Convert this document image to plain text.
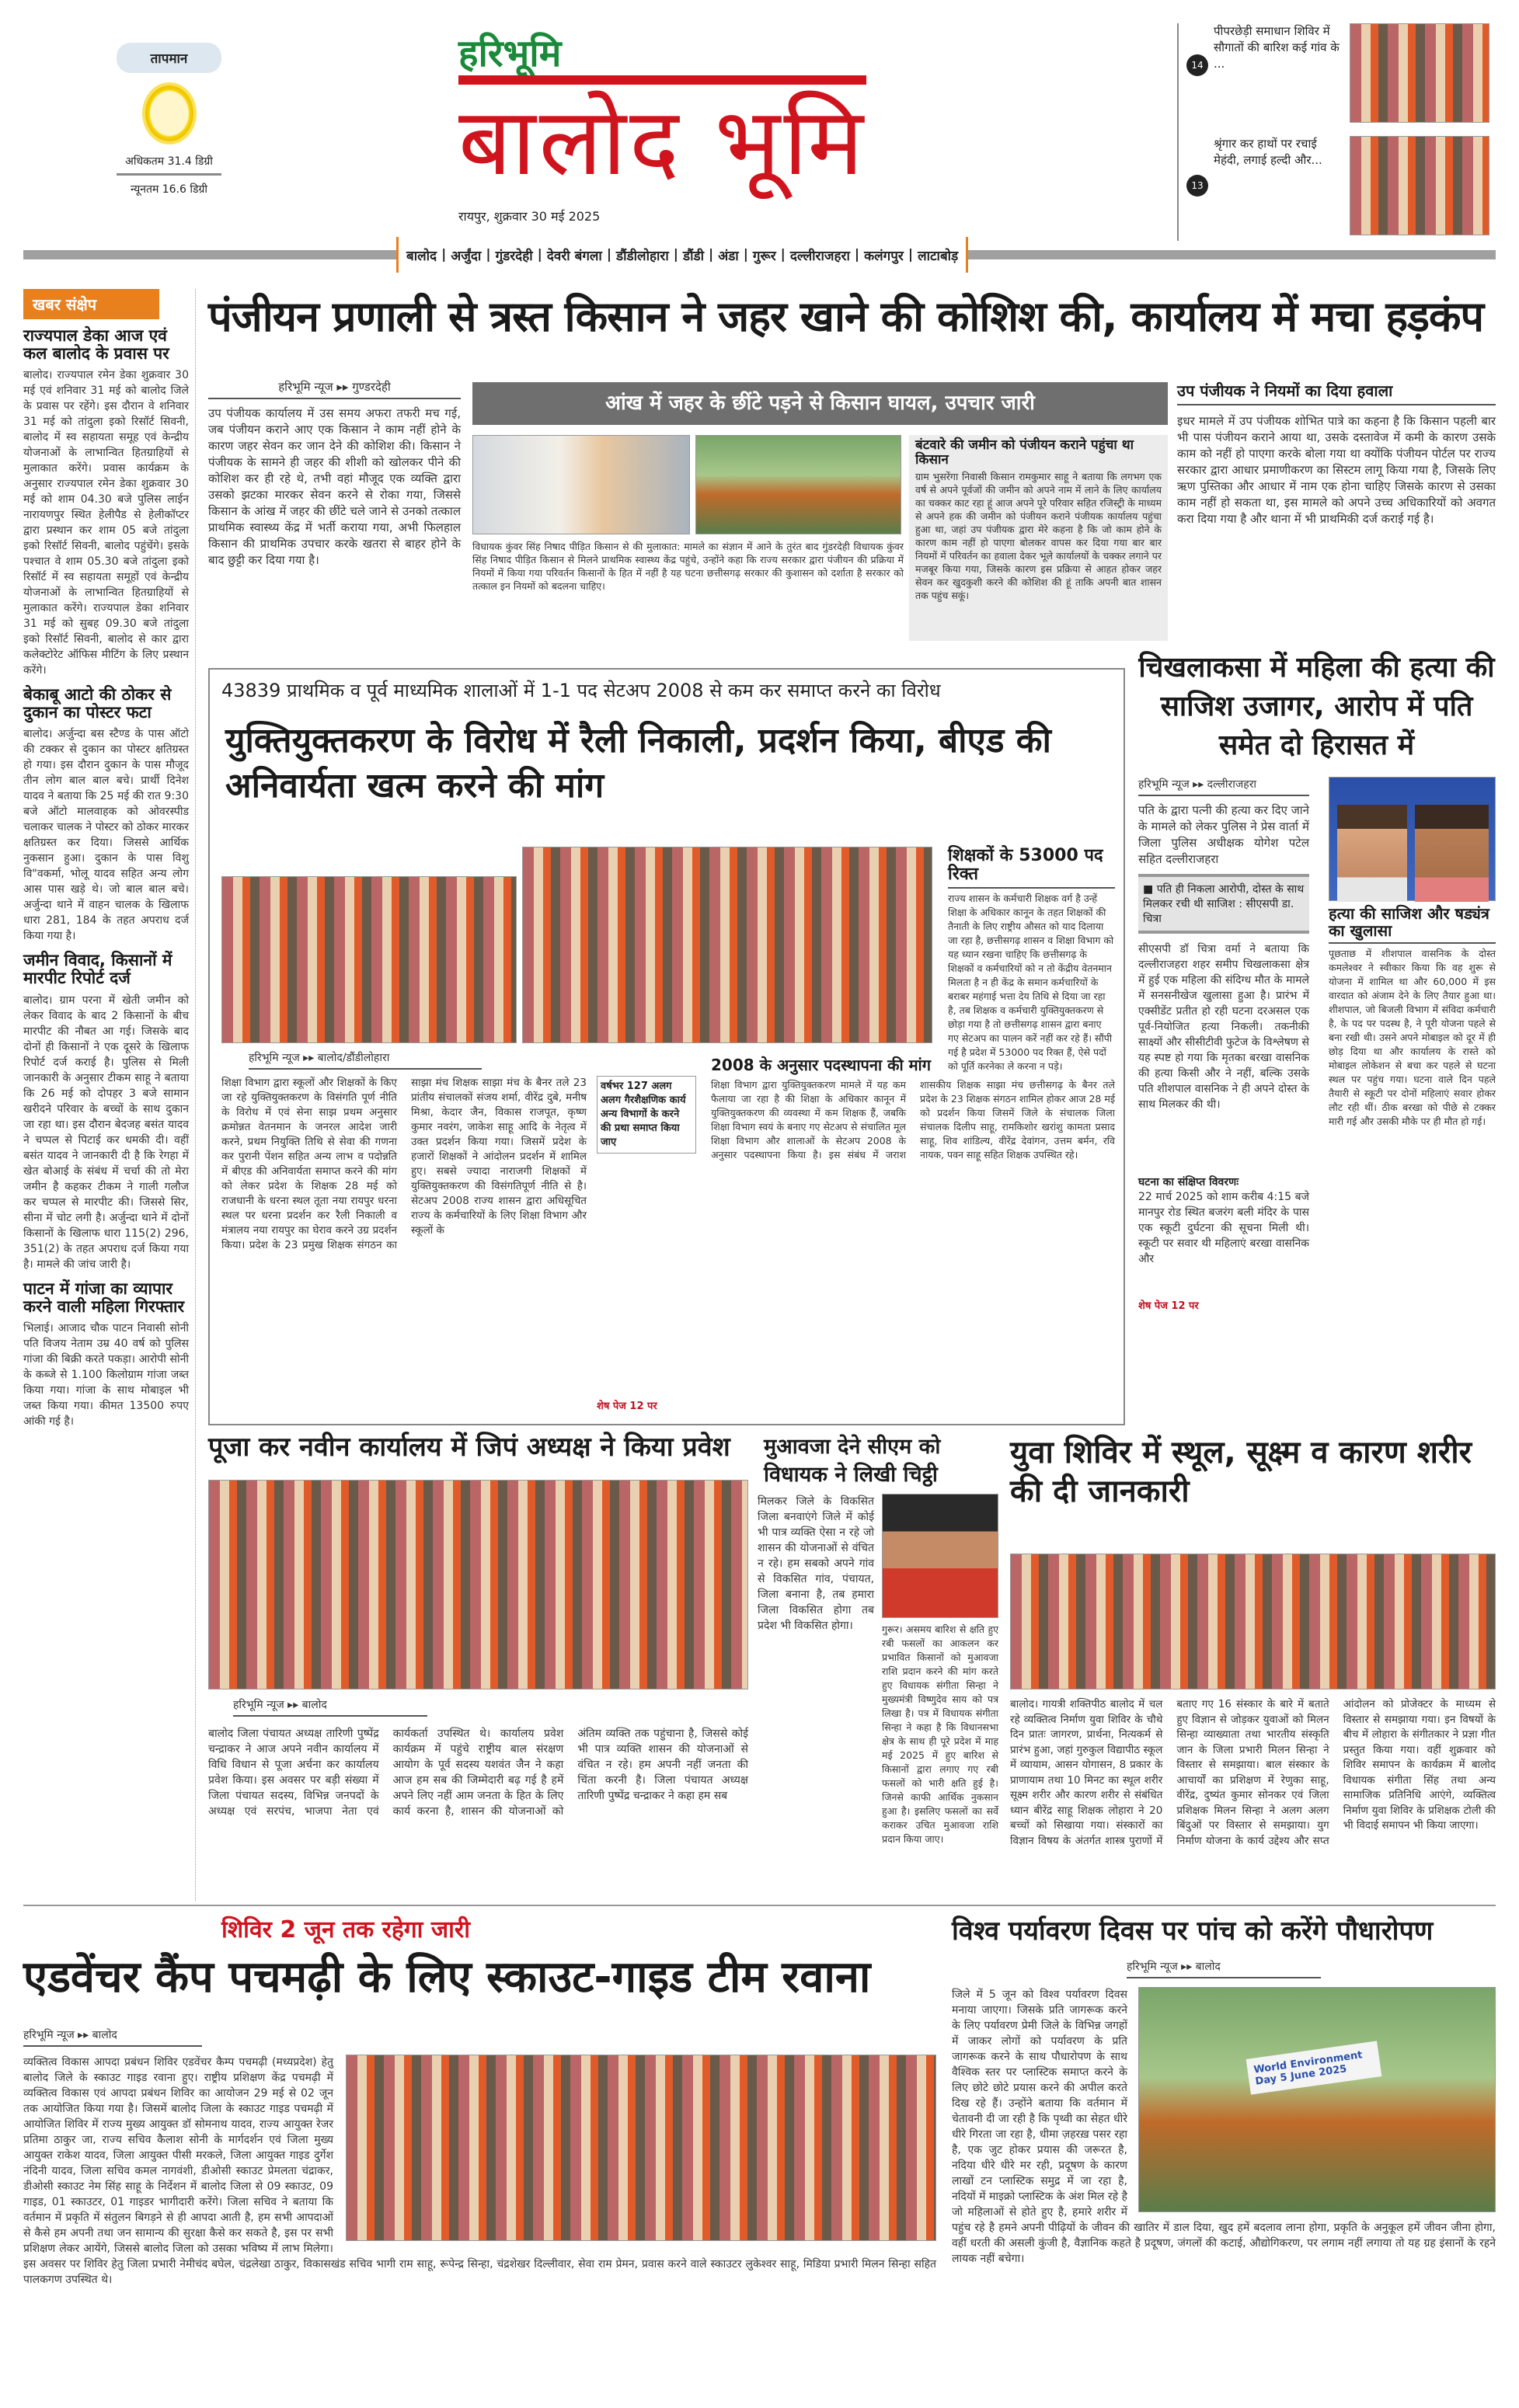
तापमान
अधिकतम 31.4 डिग्री
न्यूनतम 16.6 डिग्री
हरिभूमि
बालोद भूमि
रायपुर, शुक्रवार 30 मई 2025
14
पीपरछेड़ी समाधान शिविर में सौगातों की बारिश कई गांव के ...
13
श्रृंगार कर हाथों पर रचाई मेहंदी, लगाई हल्दी और...
बालोद | अर्जुंदा | गुंडरदेही | देवरी बंगला | डौंडीलोहारा | डौंडी | अंडा | गुरूर | दल्लीराजहरा | कलंगपुर | लाटाबोड़
खबर संक्षेप
राज्यपाल डेका आज एवं कल बालोद के प्रवास पर
बालोद। राज्यपाल रमेन डेका शुक्रवार 30 मई एवं शनिवार 31 मई को बालोद जिले के प्रवास पर रहेंगे। इस दौरान वे शनिवार 31 मई को तांदुला इको रिसॉर्ट सिवनी, बालोद में स्व सहायता समूह एवं केन्द्रीय योजनाओं के लाभान्वित हितग्राहियों से मुलाकात करेंगे। प्रवास कार्यक्रम के अनुसार राज्यपाल रमेन डेका शुक्रवार 30 मई को शाम 04.30 बजे पुलिस लाईन नारायणपुर स्थित हेलीपैड से हेलीकॉप्टर द्वारा प्रस्थान कर शाम 05 बजे तांदुला इको रिसॉर्ट सिवनी, बालोद पहुंचेंगे। इसके पश्चात वे शाम 05.30 बजे तांदुला इको रिसॉर्ट में स्व सहायता समूहों एवं केन्द्रीय योजनाओं के लाभान्वित हितग्राहियों से मुलाकात करेंगे। राज्यपाल डेका शनिवार 31 मई को सुबह 09.30 बजे तांदुला इको रिसॉर्ट सिवनी, बालोद से कार द्वारा कलेक्टोरेट ऑफिस मीटिंग के लिए प्रस्थान करेंगे।
बेकाबू आटो की ठोकर से दुकान का पोस्टर फटा
बालोद। अर्जुन्दा बस स्टैण्ड के पास ऑटो की टक्कर से दुकान का पोस्टर क्षतिग्रस्त हो गया। इस दौरान दुकान के पास मौजूद तीन लोग बाल बाल बचे। प्रार्थी दिनेश यादव ने बताया कि 25 मई की रात 9:30 बजे ऑटो मालवाहक को ओवरस्पीड चलाकर चालक ने पोस्टर को ठोकर मारकर क्षतिग्रस्त कर दिया। जिससे आर्थिक नुकसान हुआ। दुकान के पास विशु वि"वकर्मा, भोलू यादव सहित अन्य लोग आस पास खड़े थे। जो बाल बाल बचे। अर्जुन्दा थाने में वाहन चालक के खिलाफ धारा 281, 184 के तहत अपराध दर्ज किया गया है।
जमीन विवाद, किसानों में मारपीट रिपोर्ट दर्ज
बालोद। ग्राम परना में खेती जमीन को लेकर विवाद के बाद 2 किसानों के बीच मारपीट की नौबत आ गई। जिसके बाद दोनों ही किसानों ने एक दूसरे के खिलाफ रिपोर्ट दर्ज कराई है। पुलिस से मिली जानकारी के अनुसार टीकम साहू ने बताया कि 26 मई को दोपहर 3 बजे सामान खरीदने परिवार के बच्चों के साथ दुकान जा रहा था। इस दौरान बेदजह बसंत यादव ने चप्पल से पिटाई कर धमकी दी। वहीं बसंत यादव ने जानकारी दी है कि रेगहा में खेत बोआई के संबंध में चर्चा की तो मेरा जमीन है कहकर टीकम ने गाली गलौज कर चप्पल से मारपीट की। जिससे सिर, सीना में चोट लगी है। अर्जुन्दा थाने में दोनों किसानों के खिलाफ धारा 115(2) 296, 351(2) के तहत अपराध दर्ज किया गया है। मामले की जांच जारी है।
पाटन में गांजा का व्यापार करने वाली महिला गिरफ्तार
भिलाई। आजाद चौक पाटन निवासी सोनी पति विजय नेताम उम्र 40 वर्ष को पुलिस गांजा की बिक्री करते पकड़ा। आरोपी सोनी के कब्जे से 1.100 किलोग्राम गांजा जब्त किया गया। गांजा के साथ मोबाइल भी जब्त किया गया। कीमत 13500 रुपए आंकी गई है।
पंजीयन प्रणाली से त्रस्त किसान ने जहर खाने की कोशिश की, कार्यालय में मचा हड़कंप
हरिभूमि न्यूज ▸▸ गुण्डरदेही
उप पंजीयक कार्यालय में उस समय अफरा तफरी मच गई, जब पंजीयन कराने आए एक किसान ने काम नहीं होने के कारण जहर सेवन कर जान देने की कोशिश की। किसान ने पंजीयक के सामने ही जहर की शीशी को खोलकर पीने की कोशिश कर ही रहे थे, तभी वहां मौजूद एक व्यक्ति द्वारा उसको झटका मारकर सेवन करने से रोका गया, जिससे किसान के आंख में जहर की छींटे चले जाने से उनको तत्काल प्राथमिक स्वास्थ्य केंद्र में भर्ती कराया गया, अभी फिलहाल किसान की प्राथमिक उपचार करके खतरा से बाहर होने के बाद छुट्टी कर दिया गया है।
आंख में जहर के छींटे पड़ने से किसान घायल, उपचार जारी
बंटवारे की जमीन को पंजीयन कराने पहुंचा था किसान
ग्राम भुसरेंगा निवासी किसान रामकुमार साहू ने बताया कि लगभग एक वर्ष से अपने पूर्वजों की जमीन को अपने नाम में लाने के लिए कार्यालय का चक्कर काट रहा हूं आज अपने पूरे परिवार सहित रजिस्ट्री के माध्यम से अपने हक की जमीन को पंजीयन कराने पंजीयक कार्यालय पहुंचा हुआ था, जहां उप पंजीयक द्वारा मेरे कहना है कि जो काम होने के कारण काम नहीं हो पाएगा बोलकर वापस कर दिया गया बार बार नियमों में परिवर्तन का हवाला देकर भूले कार्यालयों के चक्कर लगाने पर मजबूर किया गया, जिसके कारण इस प्रक्रिया से आहत होकर जहर सेवन कर खुदकुशी करने की कोशिश की हूं ताकि अपनी बात शासन तक पहुंच सकूं।
विधायक कुंवर सिंह निषाद पीड़ित किसान से की मुलाकात: मामले का संज्ञान में आने के तुरंत बाद गुंडरदेही विधायक कुंवर सिंह निषाद पीड़ित किसान से मिलने प्राथमिक स्वास्थ्य केंद्र पहुंचे, उन्होंने कहा कि राज्य सरकार द्वारा पंजीयन की प्रक्रिया में नियमों में किया गया परिवर्तन किसानों के हित में नहीं है यह घटना छत्तीसगढ़ सरकार की कुशासन को दर्शाता है सरकार को तत्काल इन नियमों को बदलना चाहिए।
उप पंजीयक ने नियमों का दिया हवाला
इधर मामले में उप पंजीयक शोभित पात्रे का कहना है कि किसान पहली बार भी पास पंजीयन कराने आया था, उसके दस्तावेज में कमी के कारण उसके काम को नहीं हो पाएगा करके बोला गया था क्योंकि पंजीयन पोर्टल पर राज्य सरकार द्वारा आधार प्रमाणीकरण का सिस्टम लागू किया गया है, जिसके लिए ऋण पुस्तिका और आधार में नाम एक होना चाहिए जिसके कारण से उसका काम नहीं हो सकता था, इस मामले को अपने उच्च अधिकारियों को अवगत करा दिया गया है और थाना में भी प्राथमिकी दर्ज कराई गई है।
43839 प्राथमिक व पूर्व माध्यमिक शालाओं में 1-1 पद सेटअप 2008 से कम कर समाप्त करने का विरोध
युक्तियुक्तकरण के विरोध में रैली निकाली, प्रदर्शन किया, बीएड की अनिवार्यता खत्म करने की मांग
शिक्षकों के 53000 पद रिक्त
राज्य शासन के कर्मचारी शिक्षक वर्ग है उन्हें शिक्षा के अधिकार कानून के तहत शिक्षकों की तैनाती के लिए राष्ट्रीय औसत को याद दिलाया जा रहा है, छत्तीसगढ़ शासन व शिक्षा विभाग को यह ध्यान रखना चाहिए कि छत्तीसगढ़ के शिक्षकों व कर्मचारियों को न तो केंद्रीय वेतनमान मिलता है न ही केंद्र के समान कर्मचारियों के बराबर महंगाई भत्ता देय तिथि से दिया जा रहा है, तब शिक्षक व कर्मचारी युक्तियुक्तकरण से छोड़ा गया है तो छत्तीसगढ़ शासन द्वारा बनाए गए सेटअप का पालन करें नहीं कर रहे हैं। सौंपी गई है प्रदेश में 53000 पद रिक्त हैं, ऐसे पदों को पूर्ति करनेका ले करना न पड़े।
हरिभूमि न्यूज ▸▸ बालोद/डौंडीलोहारा
शिक्षा विभाग द्वारा स्कूलों और शिक्षकों के किए जा रहे युक्तियुक्तकरण के विसंगति पूर्ण नीति के विरोध में एवं सेना साझ प्रथम अनुसार क्रमोन्नत वेतनमान के जनरल आदेश जारी करने, प्रथम नियुक्ति तिथि से सेवा की गणना कर पुरानी पेंशन सहित अन्य लाभ व पदोन्नति में बीएड की अनिवार्यता समाप्त करने की मांग को लेकर प्रदेश के शिक्षक 28 मई को राजधानी के धरना स्थल तूता नया रायपुर धरना स्थल पर धरना प्रदर्शन कर रैली निकाली व मंत्रालय नया रायपुर का घेराव करने उग्र प्रदर्शन किया। प्रदेश के 23 प्रमुख शिक्षक संगठन का साझा मंच शिक्षक साझा मंच के बैनर तले 23 प्रांतीय संचालकों संजय शर्मा, वीरेंद्र दुबे, मनीष मिश्रा, केदार जैन, विकास राजपूत, कृष्ण कुमार नवरंग, जाकेश साहू आदि के नेतृत्व में उक्त प्रदर्शन किया गया। जिसमें प्रदेश के हजारों शिक्षकों ने आंदोलन प्रदर्शन में शामिल हुए। सबसे ज्यादा नाराजगी शिक्षकों में युक्तियुक्तकरण की विसंगतिपूर्ण नीति से है। सेटअप 2008 राज्य शासन द्वारा अधिसूचित राज्य के कर्मचारियों के लिए शिक्षा विभाग और स्कूलों के
वर्षभर 127 अलग अलग गैरशैक्षणिक कार्य अन्य विभागों के करने की प्रथा समाप्त किया जाए
शेष पेज 12 पर
2008 के अनुसार पदस्थापना की मांग
शिक्षा विभाग द्वारा युक्तियुक्तकरण मामले में यह कम फैलाया जा रहा है की शिक्षा के अधिकार कानून में युक्तियुक्तकरण की व्यवस्था में कम शिक्षक हैं, जबकि शिक्षा विभाग स्वयं के बनाए गए सेटअप से संचालित मूल शिक्षा विभाग और शालाओं के सेटअप 2008 के अनुसार पदस्थापना किया है। इस संबंध में जराश शासकीय शिक्षक साझा मंच छत्तीसगढ़ के बैनर तले प्रदेश के 23 शिक्षक संगठन शामिल होकर आज 28 मई को प्रदर्शन किया जिसमें जिले के संचालक जिला संचालक दिलीप साहू, रामकिशोर खरांशु कामता प्रसाद साहू, शिव शांडिल्य, वीरेंद्र देवांगन, उत्तम बर्मन, रवि नायक, पवन साहू सहित शिक्षक उपस्थित रहे।
चिखलाकसा में महिला की हत्या की साजिश उजागर, आरोप में पति समेत दो हिरासत में
हरिभूमि न्यूज ▸▸ दल्लीराजहरा
पति के द्वारा पत्नी की हत्या कर दिए जाने के मामले को लेकर पुलिस ने प्रेस वार्ता में जिला पुलिस अधीक्षक योगेश पटेल सहित दल्लीराजहरा
■ पति ही निकला आरोपी, दोस्त के साथ मिलकर रची थी साजिश : सीएसपी डा. चित्रा
सीएसपी डॉ चित्रा वर्मा ने बताया कि दल्लीराजहरा शहर समीप चिखलाकसा क्षेत्र में हुई एक महिला की संदिग्ध मौत के मामले में सनसनीखेज खुलासा हुआ है। प्रारंभ में एक्सीडेंट प्रतीत हो रही घटना दरअसल एक पूर्व-नियोजित हत्या निकली। तकनीकी साक्ष्यों और सीसीटीवी फुटेज के विश्लेषण से यह स्पष्ट हो गया कि मृतका बरखा वासनिक की हत्या किसी और ने नहीं, बल्कि उसके पति शीशपाल वासनिक ने ही अपने दोस्त के साथ मिलकर की थी।
घटना का संक्षिप्त विवरणः
22 मार्च 2025 को शाम करीब 4:15 बजे मानपुर रोड स्थित बजरंग बली मंदिर के पास एक स्कूटी दुर्घटना की सूचना मिली थी। स्कूटी पर सवार थी महिलाएं बरखा वासनिक और
शेष पेज 12 पर
हत्या की साजिश और षड्यंत्र का खुलासा
पूछताछ में शीशपाल वासनिक के दोस्त कमलेश्वर ने स्वीकार किया कि वह शुरू से योजना में शामिल था और 60,000 में इस वारदात को अंजाम देने के लिए तैयार हुआ था। शीशपाल, जो बिजली विभाग में संविदा कर्मचारी है, के पद पर पदस्थ है, ने पूरी योजना पहले से बना रखी थी। उसने अपने मोबाइल को दूर में ही छोड़ दिया था और कार्यालय के रास्ते को मोबाइल लोकेशन से बचा कर पहले से घटना स्थल पर पहुंच गया। घटना वाले दिन पहले तैयारी से स्कूटी पर दोनों महिलाएं सवार होकर लौट रही थीं। ठीक बरखा को पीछे से टक्कर मारी गई और उसकी मौके पर ही मौत हो गई।
पूजा कर नवीन कार्यालय में जिपं अध्यक्ष ने किया प्रवेश
हरिभूमि न्यूज ▸▸ बालोद
बालोद जिला पंचायत अध्यक्ष तारिणी पुष्पेंद्र चन्द्राकर ने आज अपने नवीन कार्यालय में विधि विधान से पूजा अर्चना कर कार्यालय प्रवेश किया। इस अवसर पर बड़ी संख्या में जिला पंचायत सदस्य, विभिन्न जनपदों के अध्यक्ष एवं सरपंच, भाजपा नेता एवं कार्यकर्ता उपस्थित थे। कार्यालय प्रवेश कार्यक्रम में पहुंचे राष्ट्रीय बाल संरक्षण आयोग के पूर्व सदस्य यशवंत जैन ने कहा आज हम सब की जिम्मेदारी बढ़ गई है हमें अपने लिए नहीं आम जनता के हित के लिए कार्य करना है, शासन की योजनाओं को अंतिम व्यक्ति तक पहुंचाना है, जिससे कोई भी पात्र व्यक्ति शासन की योजनाओं से वंचित न रहे। हम अपनी नहीं जनता की चिंता करनी है। जिला पंचायत अध्यक्ष तारिणी पुष्पेंद्र चन्द्राकर ने कहा हम सब
मुआवजा देने सीएम को विधायक ने लिखी चिट्ठी
मिलकर जिले के विकसित जिला बनवाएंगे जिले में कोई भी पात्र व्यक्ति ऐसा न रहे जो शासन की योजनाओं से वंचित न रहे। हम सबको अपने गांव से विकसित गांव, पंचायत, जिला बनाना है, तब हमारा जिला विकसित होगा तब प्रदेश भी विकसित होगा।	गुरूर। असमय बारिश से क्षति हुए रबी फसलों का आकलन कर प्रभावित किसानों को मुआवजा राशि प्रदान करने की मांग करते हुए विधायक संगीता सिन्हा ने मुख्यमंत्री विष्णुदेव साय को पत्र लिखा है। पत्र में विधायक संगीता सिन्हा ने कहा है कि विधानसभा क्षेत्र के साथ ही पूरे प्रदेश में माह मई 2025 में हुए बारिश से किसानों द्वारा लगाए गए रबी फसलों को भारी क्षति हुई है। जिनसे काफी आर्थिक नुकसान हुआ है। इसलिए फसलों का सर्वे कराकर उचित मुआवजा राशि प्रदान किया जाए।
युवा शिविर में स्थूल, सूक्ष्म व कारण शरीर की दी जानकारी
बालोद। गायत्री शक्तिपीठ बालोद में चल रहे व्यक्तित्व निर्माण युवा शिविर के चौथे दिन प्रातः जागरण, प्रार्थना, नित्यकर्म से प्रारंभ हुआ, जहां गुरुकुल विद्यापीठ स्कूल में व्यायाम, आसन योगासन, 8 प्रकार के प्राणायाम तथा 10 मिनट का स्थूल शरीर सूक्ष्म शरीर और कारण शरीर से संबंधित ध्यान बीरेंद्र साहू शिक्षक लोहारा ने 20 बच्चों को सिखाया गया। संस्कारों का विज्ञान विषय के अंतर्गत शास्त्र पुराणों में बताए गए 16 संस्कार के बारे में बताते हुए विज्ञान से जोड़कर युवाओं को मिलन सिन्हा व्याख्याता तथा भारतीय संस्कृति जान के जिला प्रभारी मिलन सिन्हा ने विस्तार से समझाया। बाल संस्कार के आचार्यों का प्रशिक्षण में रेणुका साहू, वीरेंद्र, दुष्यंत कुमार सोनकर एवं जिला प्रशिक्षक मिलन सिन्हा ने अलग अलग बिंदुओं पर विस्तार से समझाया। युग निर्माण योजना के कार्य उद्देश्य और सप्त आंदोलन को प्रोजेक्टर के माध्यम से विस्तार से समझाया गया। इन विषयों के बीच में लोहारा के संगीतकार ने प्रज्ञा गीत प्रस्तुत किया गया। वहीं शुक्रवार को शिविर समापन के कार्यक्रम में बालोद विधायक संगीता सिंह तथा अन्य सामाजिक प्रतिनिधि आएंगे, व्यक्तित्व निर्माण युवा शिविर के प्रशिक्षक टोली की भी विदाई समापन भी किया जाएगा।
शिविर 2 जून तक रहेगा जारी
एडवेंचर कैंप पचमढ़ी के लिए स्काउट-गाइड टीम रवाना
हरिभूमि न्यूज ▸▸ बालोद
व्यक्तित्व विकास आपदा प्रबंधन शिविर एडवेंचर कैम्प पचमढ़ी (मध्यप्रदेश) हेतु बालोद जिले के स्काउट गाइड रवाना हुए। राष्ट्रीय प्रशिक्षण केंद्र पचमढ़ी में व्यक्तित्व विकास एवं आपदा प्रबंधन शिविर का आयोजन 29 मई से 02 जून तक आयोजित किया गया है। जिसमें बालोद जिला के स्काउट गाइड पचमढ़ी में आयोजित शिविर में राज्य मुख्य आयुक्त डॉ सोमनाथ यादव, राज्य आयुक्त रेजर प्रतिमा ठाकुर जा, राज्य सचिव कैलाश सोनी के मार्गदर्शन एवं जिला मुख्य आयुक्त राकेश यादव, जिला आयुक्त पीसी मरकले, जिला आयुक्त गाइड दुर्गेश नंदिनी यादव, जिला सचिव कमल नागवंशी, डीओसी स्काउट प्रेमलता चंद्राकर, डीओसी स्काउट नेम सिंह साहू के निर्देशन में बालोद जिला से 09 स्काउट, 09 गाइड, 01 स्काउटर, 01 गाइडर भागीदारी करेंगे। जिला सचिव ने बताया कि वर्तमान में प्रकृति में संतुलन बिगड़ने से ही आपदा आती है, हम सभी आपदाओं से कैसे हम अपनी तथा जन सामान्य की सुरक्षा कैसे कर सकते है, इस पर सभी प्रशिक्षण लेकर आयेंगे, जिससे बालोद जिला को उसका भविष्य में लाभ मिलेगा। इस अवसर पर शिविर हेतु जिला प्रभारी नेमीचंद बघेल, चंद्रलेखा ठाकुर, विकासखंड सचिव भागी राम साहू, रूपेन्द्र सिन्हा, चंद्रशेखर दिल्लीवार, सेवा राम प्रेमन, प्रवास करने वाले स्काउटर लुकेश्वर साहू, मिडिया प्रभारी मिलन सिन्हा सहित पालकगण उपस्थित थे।
विश्व पर्यावरण दिवस पर पांच को करेंगे पौधारोपण
हरिभूमि न्यूज ▸▸ बालोद
World Environment Day 5 June 2025
जिले में 5 जून को विश्व पर्यावरण दिवस मनाया जाएगा। जिसके प्रति जागरूक करने के लिए पर्यावरण प्रेमी जिले के विभिन्न जगहों में जाकर लोगों को पर्यावरण के प्रति जागरूक करने के साथ पौधारोपण के साथ वैश्विक स्तर पर प्लास्टिक समाप्त करने के लिए छोटे छोटे प्रयास करने की अपील करते दिख रहे हैं। उन्होंने बताया कि वर्तमान में चेतावनी दी जा रही है कि पृथ्वी का सेहत धीरे धीरे गिरता जा रहा है, धीमा ज़हरख़ पसर रहा है, एक जुट होकर प्रयास की जरूरत है, नदिया धीरे धीरे मर रही, प्रदूषण के कारण लाखों टन प्लास्टिक समुद्र में जा रहा है, नदियों में माइक्रो प्लास्टिक के अंश मिल रहे है जो महिलाओं से होते हुए है, हमारे शरीर में पहुंच रहे है हमने अपनी पीढ़ियों के जीवन की खातिर में डाल दिया, खुद हमें बदलाव लाना होगा, प्रकृति के अनुकूल हमें जीवन जीना होगा, वहीं धरती की असली कुंजी है, वैज्ञानिक कहते है प्रदूषण, जंगलों की कटाई, औद्योगिकरण, पर लगाम नहीं लगाया तो यह ग्रह इंसानों के रहने लायक नहीं बचेगा।
